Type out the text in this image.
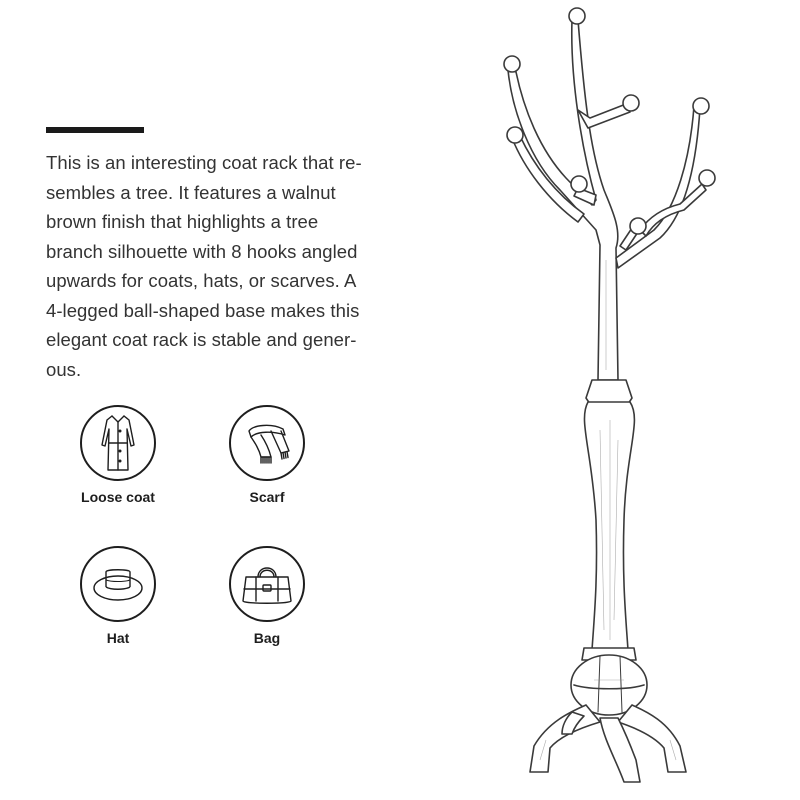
This is an interesting coat rack that re-
sembles a tree. It features a walnut
brown finish that highlights a tree
branch silhouette with 8 hooks angled
upwards for coats, hats, or scarves. A
4-legged ball-shaped base makes this
elegant coat rack is stable and gener-
ous.

Loose coat	Scarf
Hat	Bag
